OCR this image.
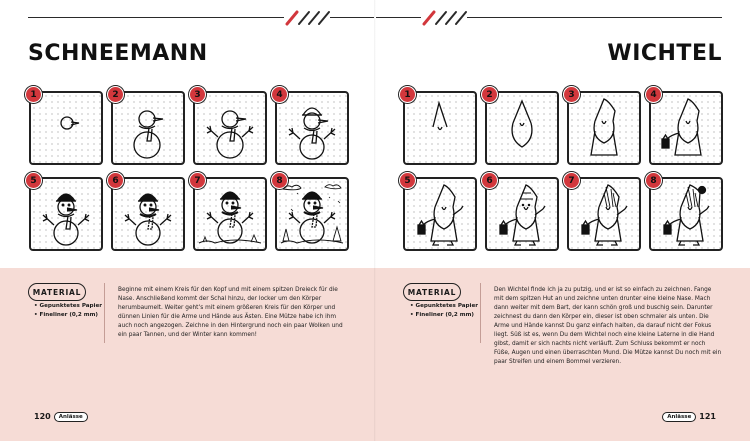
SCHNEEMANN	WICHTEL
1	2	3	4
5	6	7	8
1	2	3	4
5	6	7	8
MATERIAL
• Gepunktetes Papier
• Fineliner (0,2 mm)
Beginne mit einem Kreis für den Kopf und mit einem spitzen Dreieck für die Nase. Anschließend kommt der Schal hinzu, der locker um den Körper herumbaumelt. Weiter geht’s mit einem größeren Kreis für den Körper und dünnen Linien für die Arme und Hände aus Ästen. Eine Mütze habe ich ihm auch noch angezogen. Zeichne in den Hintergrund noch ein paar Wolken und ein paar Tannen, und der Winter kann kommen!
MATERIAL
• Gepunktetes Papier
• Fineliner (0,2 mm)
Den Wichtel finde ich ja zu putzig, und er ist so einfach zu zeichnen. Fange mit dem spitzen Hut an und zeichne unten drunter eine kleine Nase. Mach dann weiter mit dem Bart, der kann schön groß und buschig sein. Darunter zeichnest du dann den Körper ein, dieser ist oben schmaler als unten. Die Arme und Hände kannst Du ganz einfach halten, da darauf nicht der Fokus liegt. Süß ist es, wenn Du dem Wichtel noch eine kleine Laterne in die Hand gibst, damit er sich nachts nicht verläuft. Zum Schluss bekommt er noch Füße, Augen und einen überraschten Mund. Die Mütze kannst Du noch mit ein paar Streifen und einem Bommel verzieren.
120	Anlässe	Anlässe	121
